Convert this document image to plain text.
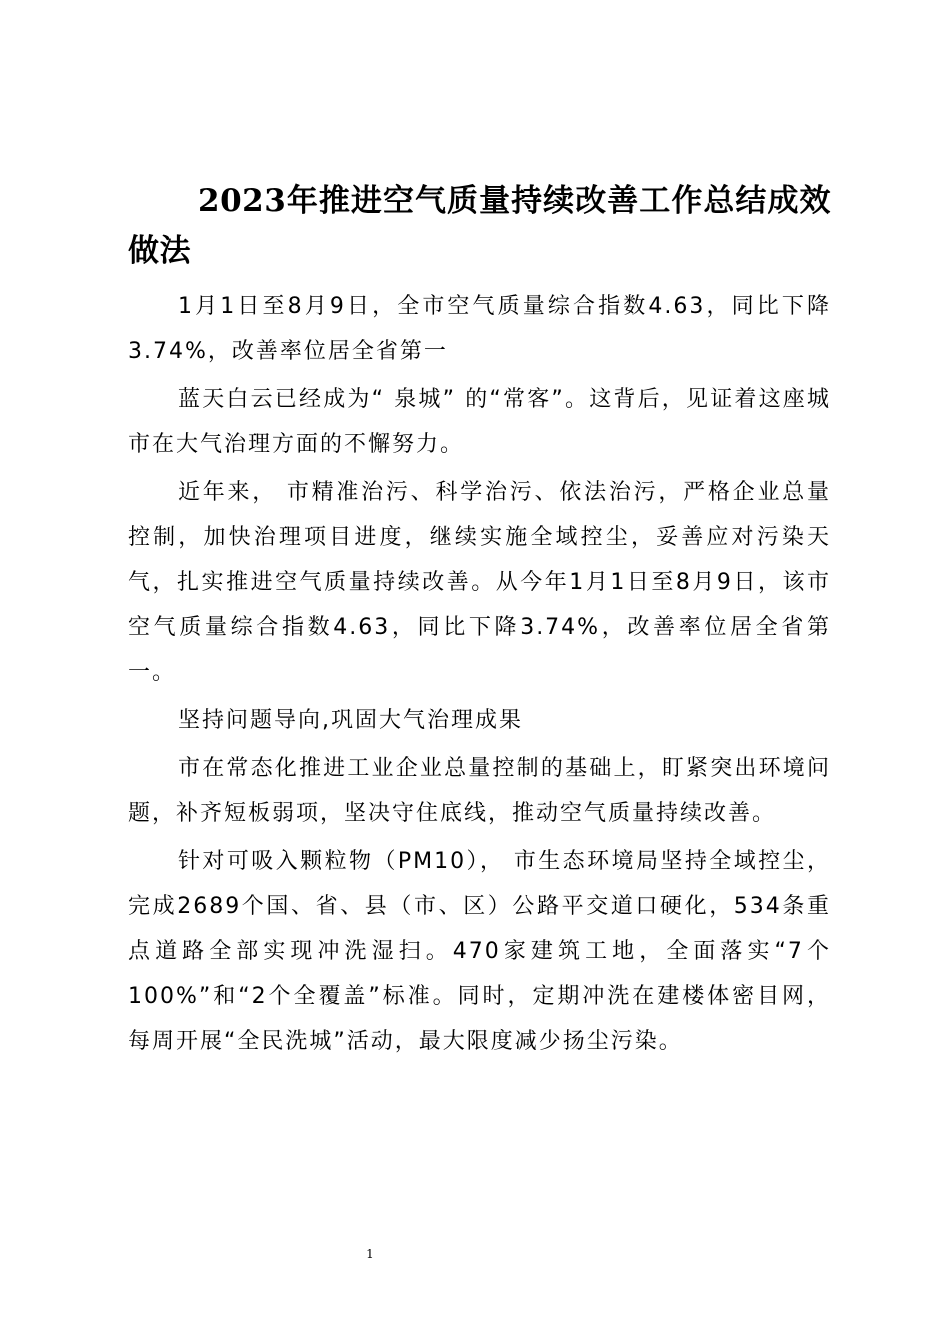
2023年推进空气质量持续改善工作总结成效做法

1月1日至8月9日，全市空气质量综合指数4.63，同比下降3.74%，改善率位居全省第一

蓝天白云已经成为“ 泉城” 的“常客”。这背后，见证着这座城市在大气治理方面的不懈努力。

近年来， 市精准治污、科学治污、依法治污，严格企业总量控制，加快治理项目进度，继续实施全域控尘，妥善应对污染天气，扎实推进空气质量持续改善。从今年1月1日至8月9日，该市空气质量综合指数4.63，同比下降3.74%，改善率位居全省第一。

坚持问题导向,巩固大气治理成果

市在常态化推进工业企业总量控制的基础上，盯紧突出环境问题，补齐短板弱项，坚决守住底线，推动空气质量持续改善。

针对可吸入颗粒物（PM10）， 市生态环境局坚持全域控尘，完成2689个国、省、县（市、区）公路平交道口硬化，534条重点道路全部实现冲洗湿扫。470家建筑工地，全面落实“7个100%”和“2个全覆盖”标准。同时，定期冲洗在建楼体密目网，每周开展“全民洗城”活动，最大限度减少扬尘污染。

1
